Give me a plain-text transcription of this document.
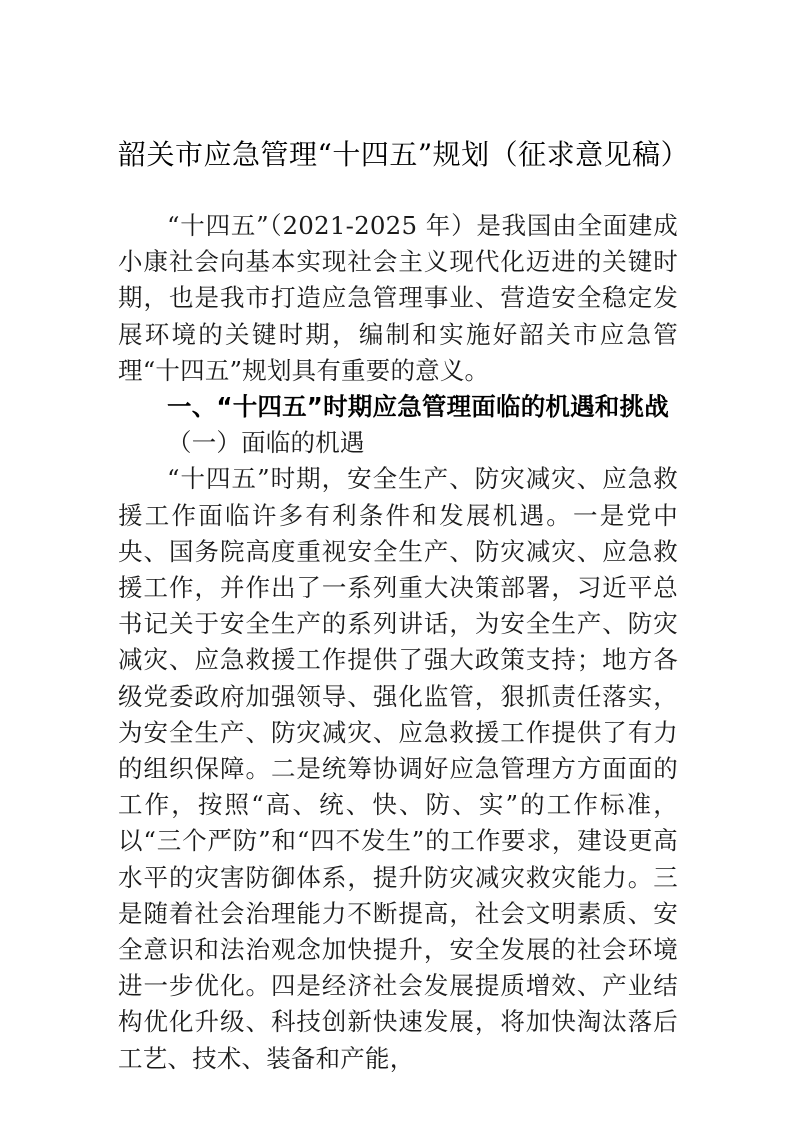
韶关市应急管理“十四五”规划（征求意见稿）

“十四五”（2021-2025 年）是我国由全面建成小康社会向基本实现社会主义现代化迈进的关键时期，也是我市打造应急管理事业、营造安全稳定发展环境的关键时期，编制和实施好韶关市应急管理“十四五”规划具有重要的意义。

一、“十四五”时期应急管理面临的机遇和挑战
（一）面临的机遇

“十四五”时期，安全生产、防灾减灾、应急救援工作面临许多有利条件和发展机遇。一是党中央、国务院高度重视安全生产、防灾减灾、应急救援工作，并作出了一系列重大决策部署，习近平总书记关于安全生产的系列讲话，为安全生产、防灾减灾、应急救援工作提供了强大政策支持；地方各级党委政府加强领导、强化监管，狠抓责任落实，为安全生产、防灾减灾、应急救援工作提供了有力的组织保障。二是统筹协调好应急管理方方面面的工作，按照“高、统、快、防、实”的工作标准，以“三个严防”和“四不发生”的工作要求，建设更高水平的灾害防御体系，提升防灾减灾救灾能力。三是随着社会治理能力不断提高，社会文明素质、安全意识和法治观念加快提升，安全发展的社会环境进一步优化。四是经济社会发展提质增效、产业结构优化升级、科技创新快速发展，将加快淘汰落后工艺、技术、装备和产能，
